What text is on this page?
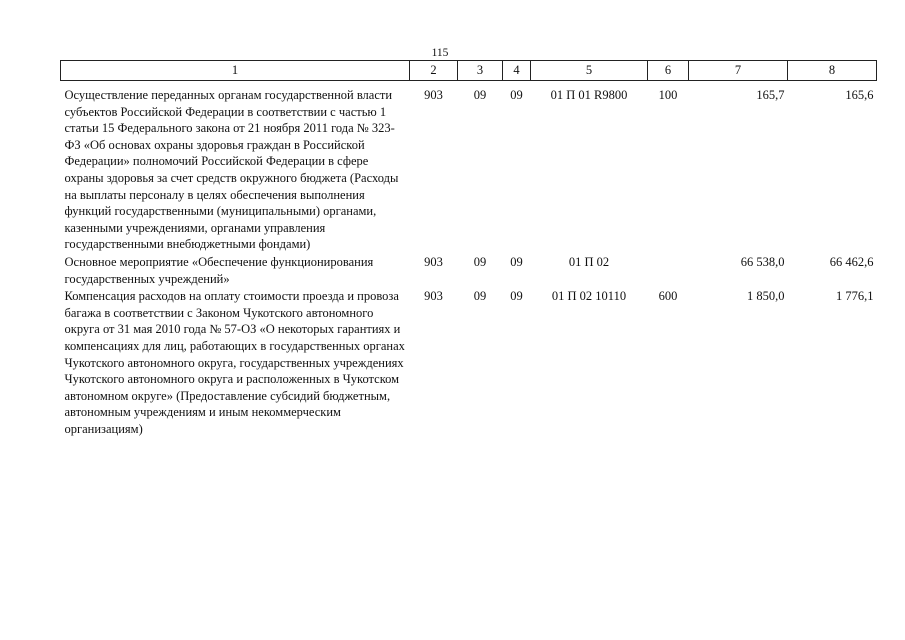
115
1	2	3	4	5	6	7	8
Осуществление переданных органам государственной власти субъектов Российской Федерации в соответствии с частью 1 статьи 15 Федерального закона от 21 ноября 2011 года № 323-ФЗ «Об основах охраны здоровья граждан в Российской Федерации» полномочий Российской Федерации в сфере охраны здоровья за счет средств окружного бюджета (Расходы на выплаты персоналу в целях обеспечения выполнения функций государственными (муниципальными) органами, казенными учреждениями, органами управления государственными внебюджетными фондами)	903	09	09	01 П 01 R9800	100	165,7	165,6
Основное мероприятие «Обеспечение функционирования государственных учреждений»	903	09	09	01 П 02		66 538,0	66 462,6
Компенсация расходов на оплату стоимости проезда и провоза багажа в соответствии с Законом Чукотского автономного округа от 31 мая 2010 года № 57-ОЗ «О некоторых гарантиях и компенсациях для лиц, работающих в государственных органах Чукотского автономного округа, государственных учреждениях Чукотского автономного округа и расположенных в Чукотском автономном округе» (Предоставление субсидий бюджетным, автономным учреждениям и иным некоммерческим организациям)	903	09	09	01 П 02 10110	600	1 850,0	1 776,1
